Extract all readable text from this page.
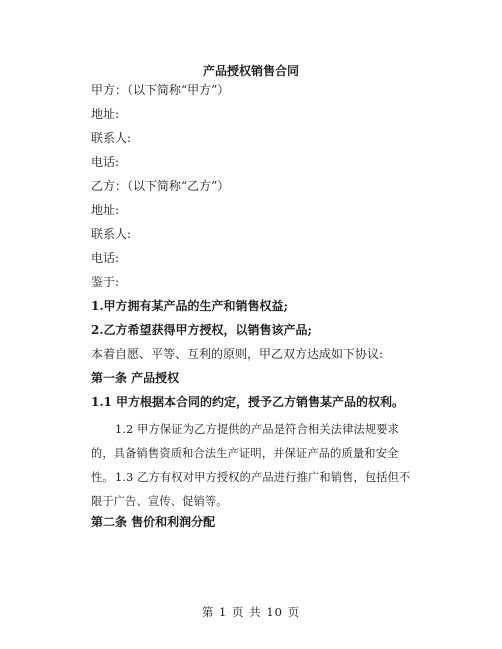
产品授权销售合同
甲方：（以下简称“甲方”）
地址:
联系人:
电话:
乙方：（以下简称“乙方”）
地址:
联系人:
电话:
鉴于:
1.甲方拥有某产品的生产和销售权益;
2.乙方希望获得甲方授权，以销售该产品;
本着自愿、平等、互利的原则，甲乙双方达成如下协议:
第一条 产品授权
1.1 甲方根据本合同的约定，授予乙方销售某产品的权利。
1.2 甲方保证为乙方提供的产品是符合相关法律法规要求的，具备销售资质和合法生产证明，并保证产品的质量和安全性。 1.3 乙方有权对甲方授权的产品进行推广和销售，包括但不限于广告、宣传、促销等。
第二条 售价和利润分配
第 1 页 共 10 页
